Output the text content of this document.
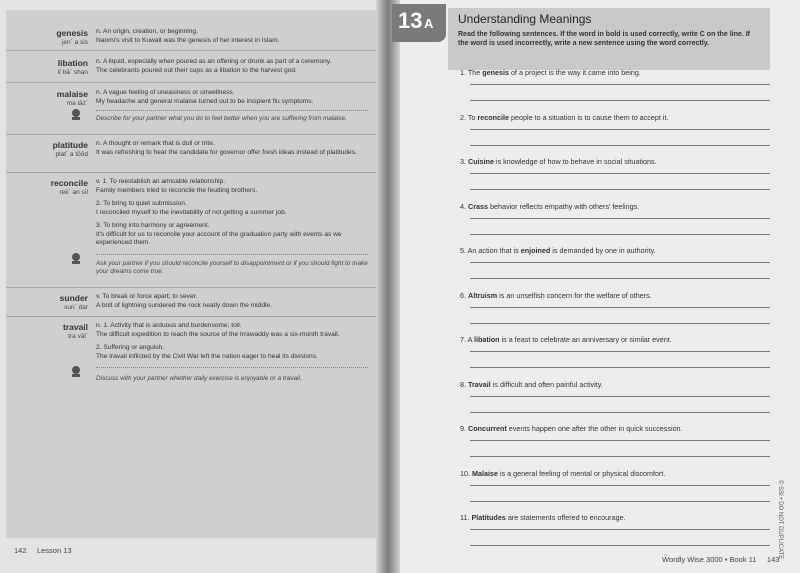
genesis
jen´ a sis
n. An origin, creation, or beginning.
Naomi's visit to Kuwait was the genesis of her interest in Islam.
libation
lī bā´ shan
n. A liquid, especially when poured as an offering or drunk as part of a ceremony.
The celebrants poured out their cups as a libation to the harvest god.
malaise
ma lāz´
n. A vague feeling of uneasiness or unwellness.
My headache and general malaise turned out to be incipient flu symptoms.
Describe for your partner what you do to feel better when you are suffering from malaise.
platitude
plat´ a tōōd
n. A thought or remark that is dull or trite.
It was refreshing to hear the candidate for governor offer fresh ideas instead of platitudes.
reconcile
rek´ an sīl
v. 1. To reestablish an amicable relationship.
Family members tried to reconcile the feuding brothers.
2. To bring to quiet submission.
I reconciled myself to the inevitability of not getting a summer job.
3. To bring into harmony or agreement.
It's difficult for us to reconcile your account of the graduation party with events as we experienced them.
Ask your partner if you should reconcile yourself to disappointment or if you should fight to make your dreams come true.
sunder
sun´ dar
v. To break or force apart; to sever.
A bolt of lightning sundered the rock neatly down the middle.
travail
tra vāl´
n. 1. Activity that is arduous and burdensome; toil.
The difficult expedition to reach the source of the Irrawaddy was a six-month travail.
2. Suffering or anguish.
The travail inflicted by the Civil War left the nation eager to heal its divisions.
Discuss with your partner whether daily exercise is enjoyable or a travail.
142 Lesson 13
13 A Understanding Meanings
Read the following sentences. If the word in bold is used correctly, write C on the line. If the word is used incorrectly, write a new sentence using the word correctly.
1. The genesis of a project is the way it came into being.
2. To reconcile people to a situation is to cause them to accept it.
3. Cuisine is knowledge of how to behave in social situations.
4. Crass behavior reflects empathy with others' feelings.
5. An action that is enjoined is demanded by one in authority.
6. Altruism is an unselfish concern for the welfare of others.
7. A libation is a feast to celebrate an anniversary or similar event.
8. Travail is difficult and often painful activity.
9. Concurrent events happen one after the other in quick succession.
10. Malaise is a general feeling of mental or physical discomfort.
11. Platitudes are statements offered to encourage.
Wordly Wise 3000 • Book 11 143
© SSI • DO NOT DUPLICATE
